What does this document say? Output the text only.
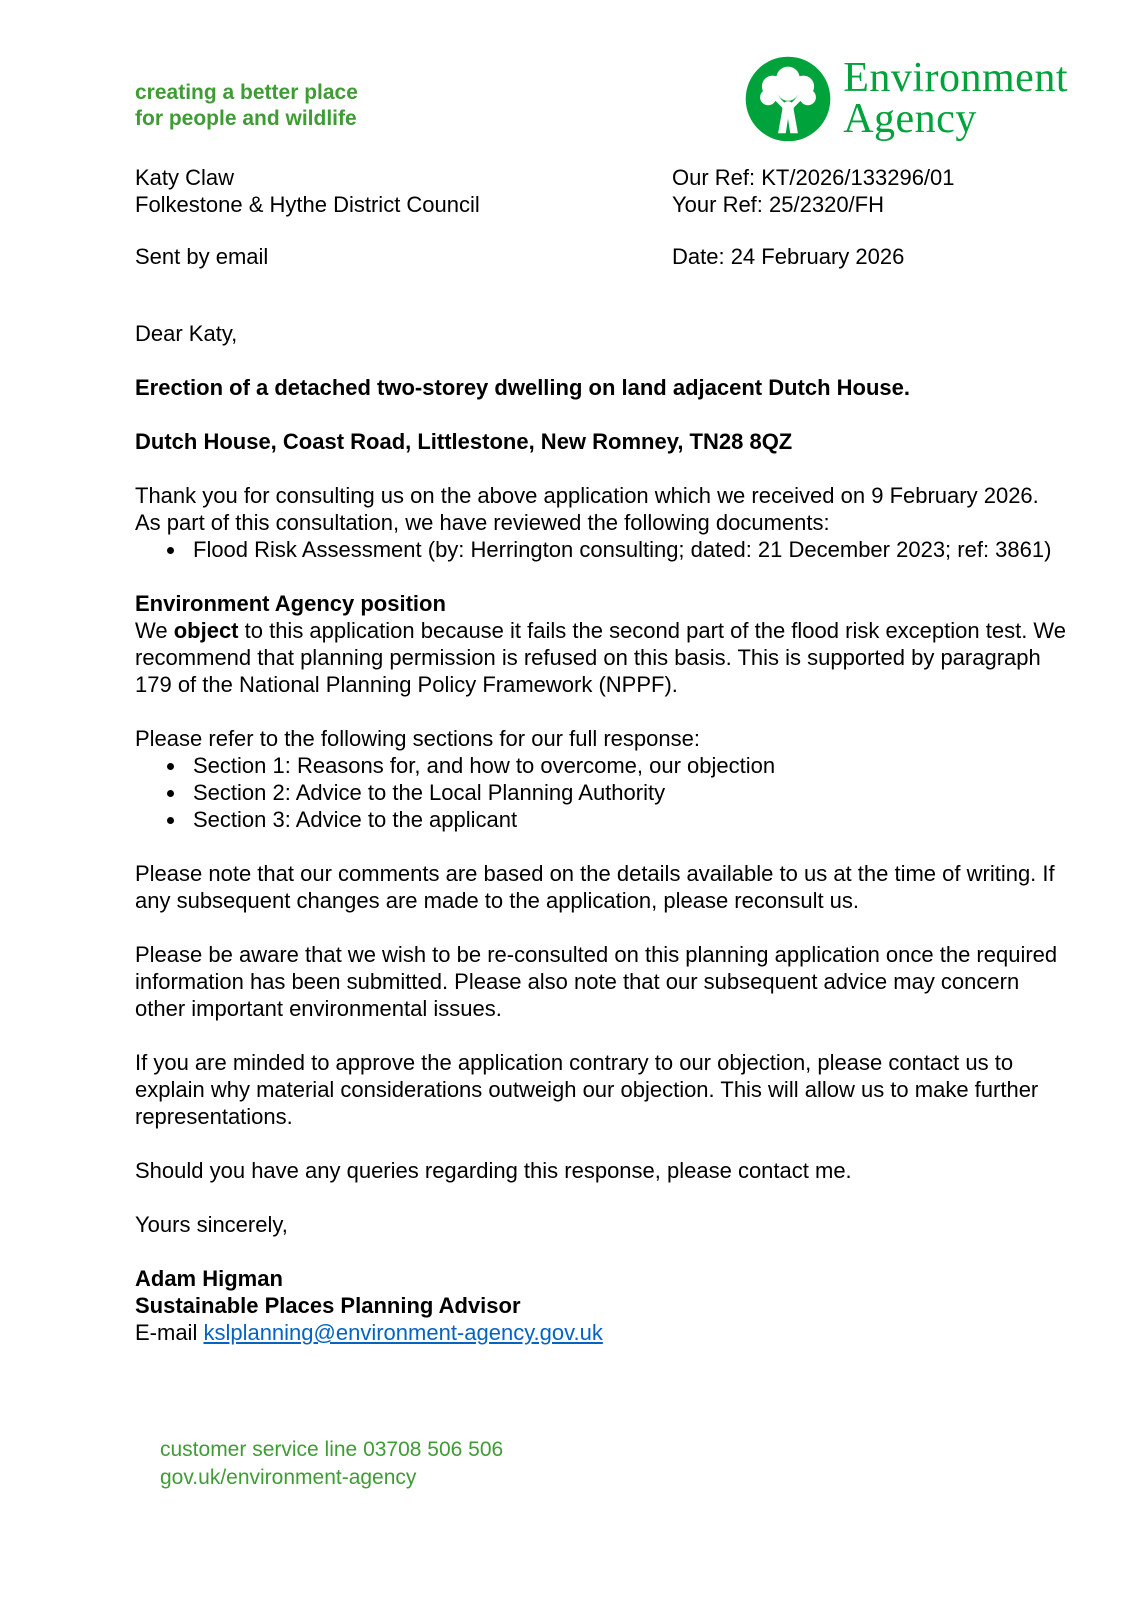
creating a better place
for people and wildlife
Environment
Agency
Katy Claw	Our Ref: KT/2026/133296/01
Folkestone & Hythe District Council	Your Ref: 25/2320/FH
Sent by email	Date: 24 February 2026

Dear Katy,

Erection of a detached two-storey dwelling on land adjacent Dutch House.

Dutch House, Coast Road, Littlestone, New Romney, TN28 8QZ

Thank you for consulting us on the above application which we received on 9 February 2026. As part of this consultation, we have reviewed the following documents:

• Flood Risk Assessment (by: Herrington consulting; dated: 21 December 2023; ref: 3861)

Environment Agency position

We object to this application because it fails the second part of the flood risk exception test. We recommend that planning permission is refused on this basis. This is supported by paragraph 179 of the National Planning Policy Framework (NPPF).

Please refer to the following sections for our full response:

• Section 1: Reasons for, and how to overcome, our objection
• Section 2: Advice to the Local Planning Authority
• Section 3: Advice to the applicant

Please note that our comments are based on the details available to us at the time of writing. If any subsequent changes are made to the application, please reconsult us.

Please be aware that we wish to be re-consulted on this planning application once the required information has been submitted. Please also note that our subsequent advice may concern other important environmental issues.

If you are minded to approve the application contrary to our objection, please contact us to explain why material considerations outweigh our objection. This will allow us to make further representations.

Should you have any queries regarding this response, please contact me.

Yours sincerely,

Adam Higman
Sustainable Places Planning Advisor
E-mail kslplanning@environment-agency.gov.uk
customer service line 03708 506 506
gov.uk/environment-agency
